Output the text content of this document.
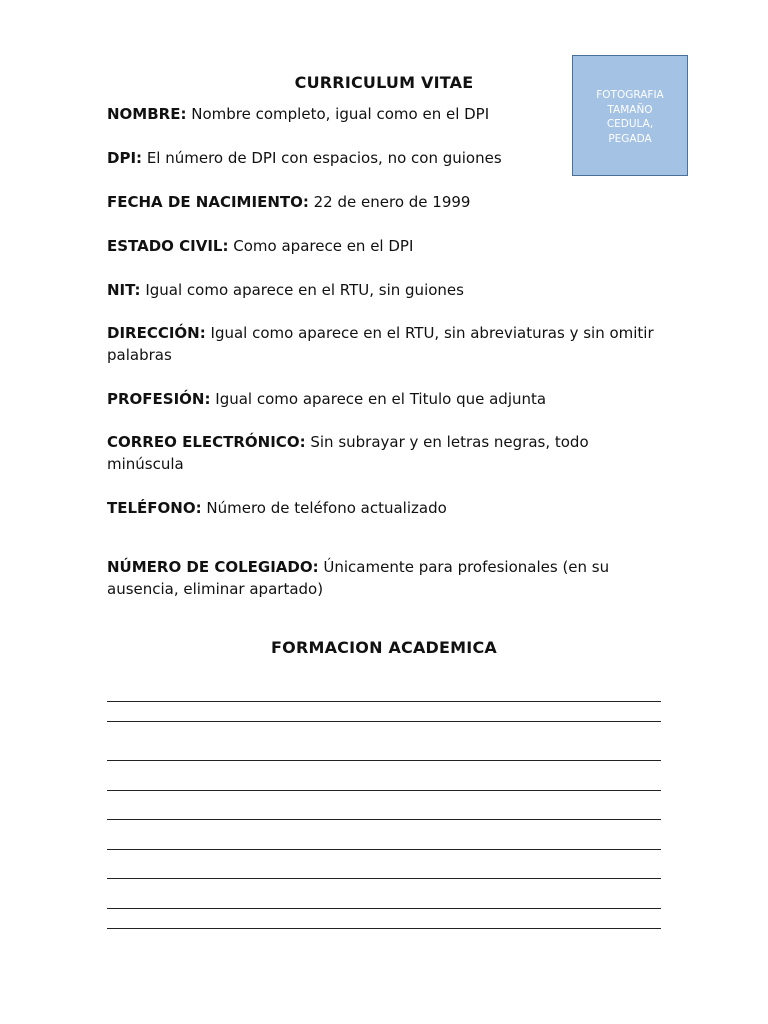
FOTOGRAFIA
TAMAÑO
CEDULA,
PEGADA
CURRICULUM VITAE
NOMBRE: Nombre completo, igual como en el DPI
DPI: El número de DPI con espacios, no con guiones
FECHA DE NACIMIENTO: 22 de enero de 1999
ESTADO CIVIL: Como aparece en el DPI
NIT: Igual como aparece en el RTU, sin guiones
DIRECCIÓN: Igual como aparece en el RTU, sin abreviaturas y sin omitir palabras
PROFESIÓN: Igual como aparece en el Titulo que adjunta
CORREO ELECTRÓNICO: Sin subrayar y en letras negras, todo minúscula
TELÉFONO: Número de teléfono actualizado
NÚMERO DE COLEGIADO: Únicamente para profesionales (en su ausencia, eliminar apartado)
FORMACION ACADEMICA
